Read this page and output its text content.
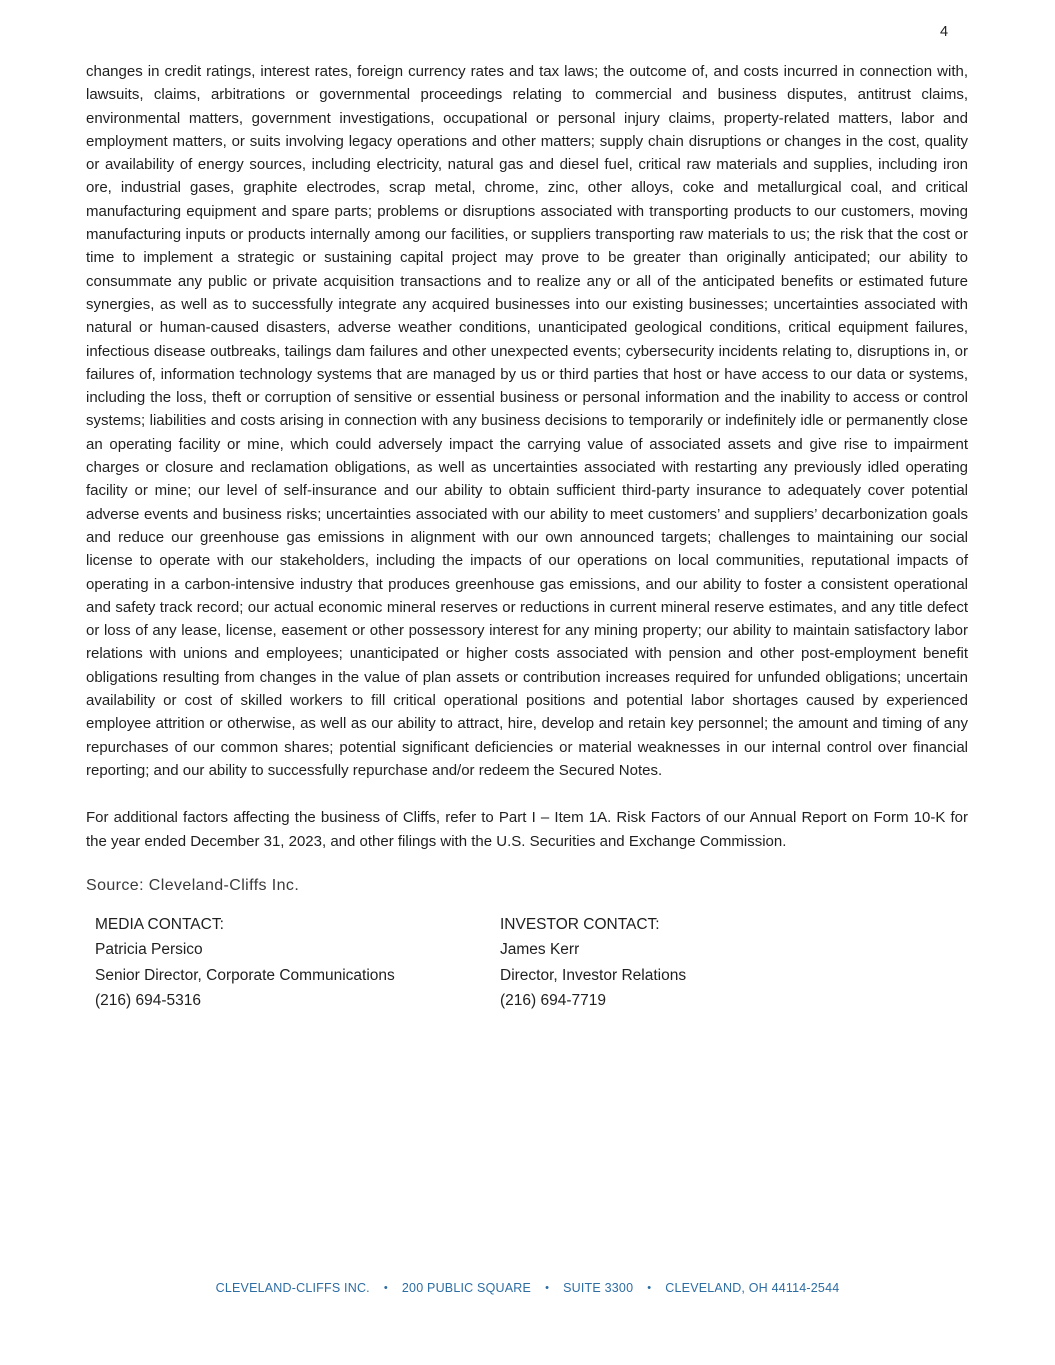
4

changes in credit ratings, interest rates, foreign currency rates and tax laws; the outcome of, and costs incurred in connection with, lawsuits, claims, arbitrations or governmental proceedings relating to commercial and business disputes, antitrust claims, environmental matters, government investigations, occupational or personal injury claims, property-related matters, labor and employment matters, or suits involving legacy operations and other matters; supply chain disruptions or changes in the cost, quality or availability of energy sources, including electricity, natural gas and diesel fuel, critical raw materials and supplies, including iron ore, industrial gases, graphite electrodes, scrap metal, chrome, zinc, other alloys, coke and metallurgical coal, and critical manufacturing equipment and spare parts; problems or disruptions associated with transporting products to our customers, moving manufacturing inputs or products internally among our facilities, or suppliers transporting raw materials to us; the risk that the cost or time to implement a strategic or sustaining capital project may prove to be greater than originally anticipated; our ability to consummate any public or private acquisition transactions and to realize any or all of the anticipated benefits or estimated future synergies, as well as to successfully integrate any acquired businesses into our existing businesses; uncertainties associated with natural or human-caused disasters, adverse weather conditions, unanticipated geological conditions, critical equipment failures, infectious disease outbreaks, tailings dam failures and other unexpected events; cybersecurity incidents relating to, disruptions in, or failures of, information technology systems that are managed by us or third parties that host or have access to our data or systems, including the loss, theft or corruption of sensitive or essential business or personal information and the inability to access or control systems; liabilities and costs arising in connection with any business decisions to temporarily or indefinitely idle or permanently close an operating facility or mine, which could adversely impact the carrying value of associated assets and give rise to impairment charges or closure and reclamation obligations, as well as uncertainties associated with restarting any previously idled operating facility or mine; our level of self-insurance and our ability to obtain sufficient third-party insurance to adequately cover potential adverse events and business risks; uncertainties associated with our ability to meet customers’ and suppliers’ decarbonization goals and reduce our greenhouse gas emissions in alignment with our own announced targets; challenges to maintaining our social license to operate with our stakeholders, including the impacts of our operations on local communities, reputational impacts of operating in a carbon-intensive industry that produces greenhouse gas emissions, and our ability to foster a consistent operational and safety track record; our actual economic mineral reserves or reductions in current mineral reserve estimates, and any title defect or loss of any lease, license, easement or other possessory interest for any mining property; our ability to maintain satisfactory labor relations with unions and employees; unanticipated or higher costs associated with pension and other post-employment benefit obligations resulting from changes in the value of plan assets or contribution increases required for unfunded obligations; uncertain availability or cost of skilled workers to fill critical operational positions and potential labor shortages caused by experienced employee attrition or otherwise, as well as our ability to attract, hire, develop and retain key personnel; the amount and timing of any repurchases of our common shares; potential significant deficiencies or material weaknesses in our internal control over financial reporting; and our ability to successfully repurchase and/or redeem the Secured Notes.

For additional factors affecting the business of Cliffs, refer to Part I – Item 1A. Risk Factors of our Annual Report on Form 10-K for the year ended December 31, 2023, and other filings with the U.S. Securities and Exchange Commission.

Source: Cleveland-Cliffs Inc.
MEDIA CONTACT:
Patricia Persico
Senior Director, Corporate Communications
(216) 694-5316
INVESTOR CONTACT:
James Kerr
Director, Investor Relations
(216) 694-7719
CLEVELAND-CLIFFS INC. • 200 PUBLIC SQUARE • SUITE 3300 • CLEVELAND, OH 44114-2544
